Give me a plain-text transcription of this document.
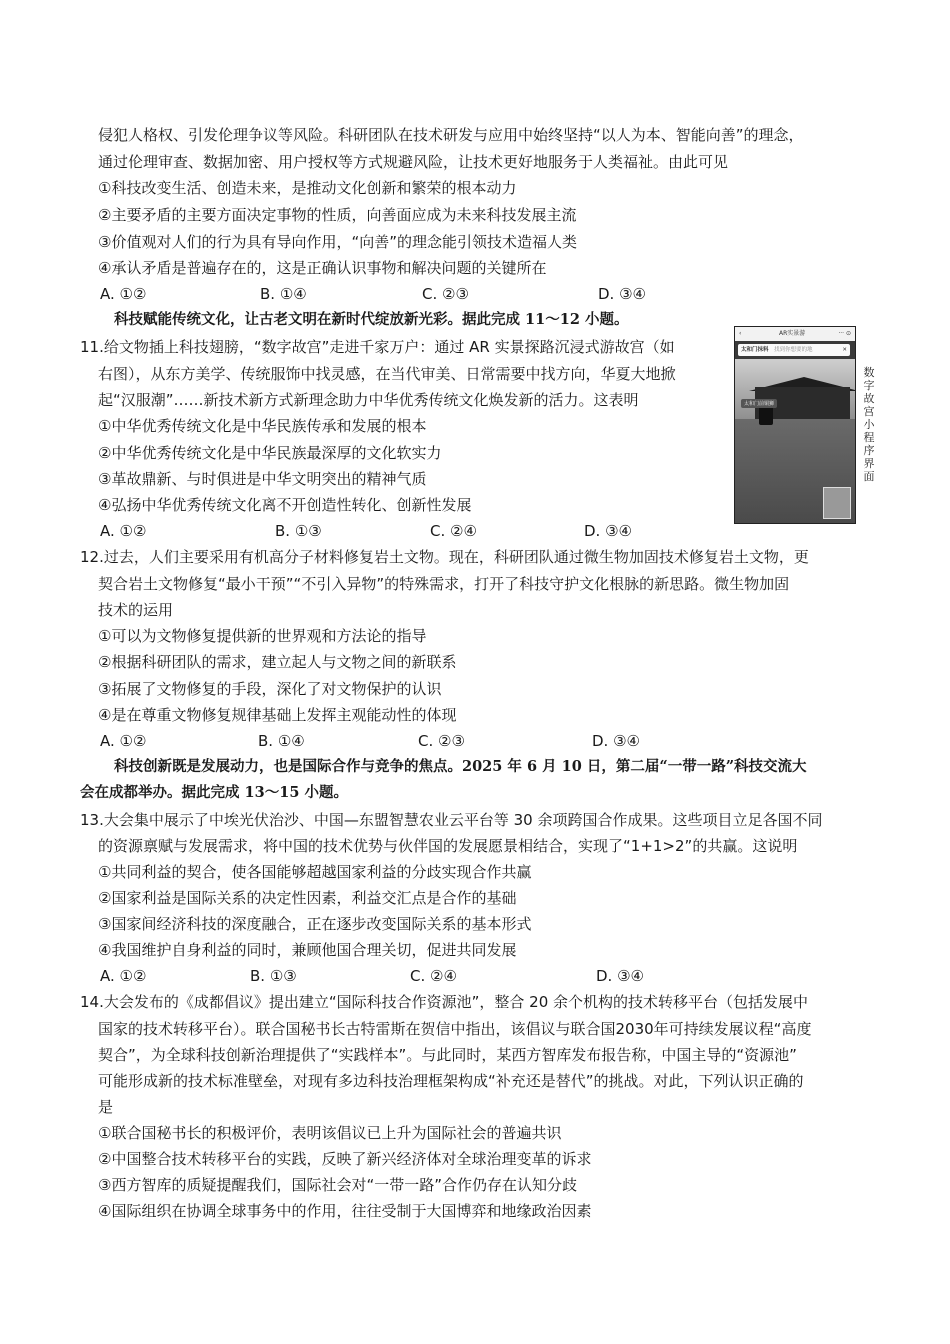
侵犯人格权、引发伦理争议等风险。科研团队在技术研发与应用中始终坚持“以人为本、智能向善”的理念，
通过伦理审查、数据加密、用户授权等方式规避风险，让技术更好地服务于人类福祉。由此可见
①科技改变生活、创造未来，是推动文化创新和繁荣的根本动力
②主要矛盾的主要方面决定事物的性质，向善面应成为未来科技发展主流
③价值观对人们的行为具有导向作用，“向善”的理念能引领技术造福人类
④承认矛盾是普遍存在的，这是正确认识事物和解决问题的关键所在
A. ①②	B. ①④	C. ②③	D. ③④
科技赋能传统文化，让古老文明在新时代绽放新光彩。据此完成 11～12 小题。
11.给文物插上科技翅膀，“数字故宫”走进千家万户：通过 AR 实景探路沉浸式游故宫（如
右图），从东方美学、传统服饰中找灵感，在当代审美、日常需要中找方向，华夏大地掀
起“汉服潮”……新技术新方式新理念助力中华优秀传统文化焕发新的活力。这表明
①中华优秀传统文化是中华民族传承和发展的根本
②中华优秀传统文化是中华民族最深厚的文化软实力
③革故鼎新、与时俱进是中华文明突出的精神气质
④弘扬中华优秀传统文化离不开创造性转化、创新性发展
A. ①②	B. ①③	C. ②④	D. ③④
‹	AR实景游	··· ⊙
太和门抹料 找到你想要的地	✕
太和门前铜狮
数字故宫小程序界面
12.过去，人们主要采用有机高分子材料修复岩土文物。现在，科研团队通过微生物加固技术修复岩土文物，更
契合岩土文物修复“最小干预”“不引入异物”的特殊需求，打开了科技守护文化根脉的新思路。微生物加固
技术的运用
①可以为文物修复提供新的世界观和方法论的指导
②根据科研团队的需求，建立起人与文物之间的新联系
③拓展了文物修复的手段，深化了对文物保护的认识
④是在尊重文物修复规律基础上发挥主观能动性的体现
A. ①②	B. ①④	C. ②③	D. ③④
科技创新既是发展动力，也是国际合作与竞争的焦点。2025 年 6 月 10 日，第二届“一带一路”科技交流大
会在成都举办。据此完成 13～15 小题。
13.大会集中展示了中埃光伏治沙、中国—东盟智慧农业云平台等 30 余项跨国合作成果。这些项目立足各国不同
的资源禀赋与发展需求，将中国的技术优势与伙伴国的发展愿景相结合，实现了“1+1>2”的共赢。这说明
①共同利益的契合，使各国能够超越国家利益的分歧实现合作共赢
②国家利益是国际关系的决定性因素，利益交汇点是合作的基础
③国家间经济科技的深度融合，正在逐步改变国际关系的基本形式
④我国维护自身利益的同时，兼顾他国合理关切，促进共同发展
A. ①②	B. ①③	C. ②④	D. ③④
14.大会发布的《成都倡议》提出建立“国际科技合作资源池”，整合 20 余个机构的技术转移平台（包括发展中
国家的技术转移平台）。联合国秘书长古特雷斯在贺信中指出，该倡议与联合国2030年可持续发展议程“高度
契合”，为全球科技创新治理提供了“实践样本”。与此同时，某西方智库发布报告称，中国主导的“资源池”
可能形成新的技术标准壁垒，对现有多边科技治理框架构成“补充还是替代”的挑战。对此，下列认识正确的
是
①联合国秘书长的积极评价，表明该倡议已上升为国际社会的普遍共识
②中国整合技术转移平台的实践，反映了新兴经济体对全球治理变革的诉求
③西方智库的质疑提醒我们，国际社会对“一带一路”合作仍存在认知分歧
④国际组织在协调全球事务中的作用，往往受制于大国博弈和地缘政治因素
